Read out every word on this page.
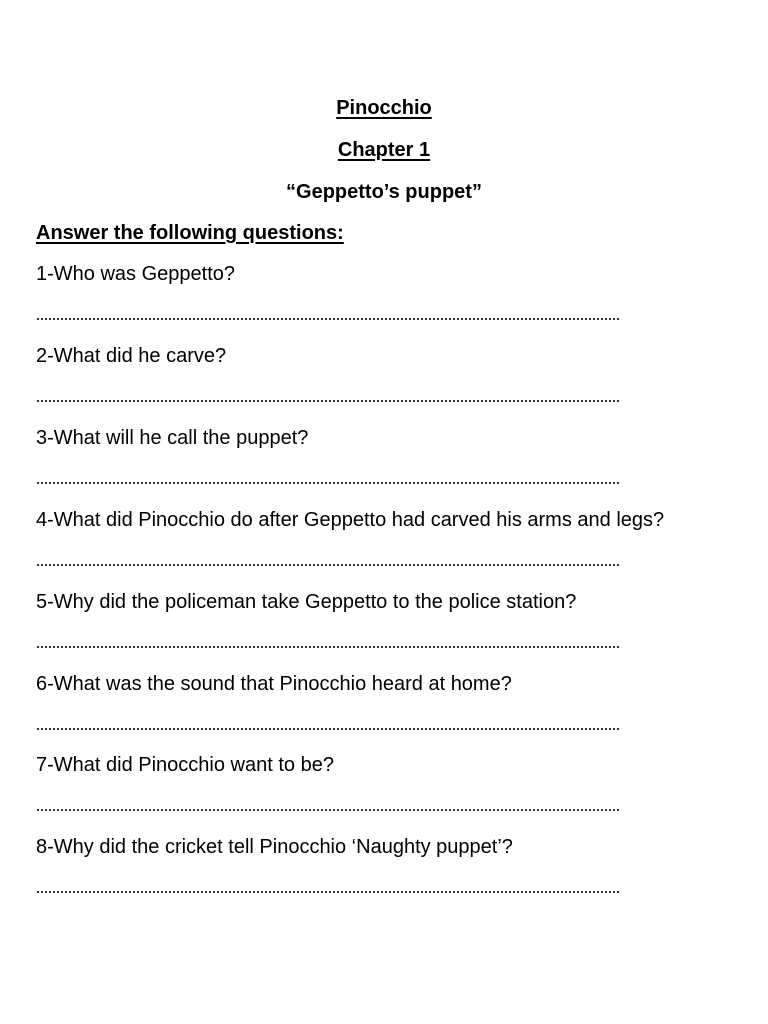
Pinocchio
Chapter 1
“Geppetto’s puppet”
Answer the following questions:
1-Who was Geppetto?
2-What did he carve?
3-What will he call the puppet?
4-What did Pinocchio do after Geppetto had carved his arms and legs?
5-Why did the policeman take Geppetto to the police station?
6-What was the sound that Pinocchio heard at home?
7-What did Pinocchio want to be?
8-Why did the cricket tell Pinocchio ‘Naughty puppet’?
